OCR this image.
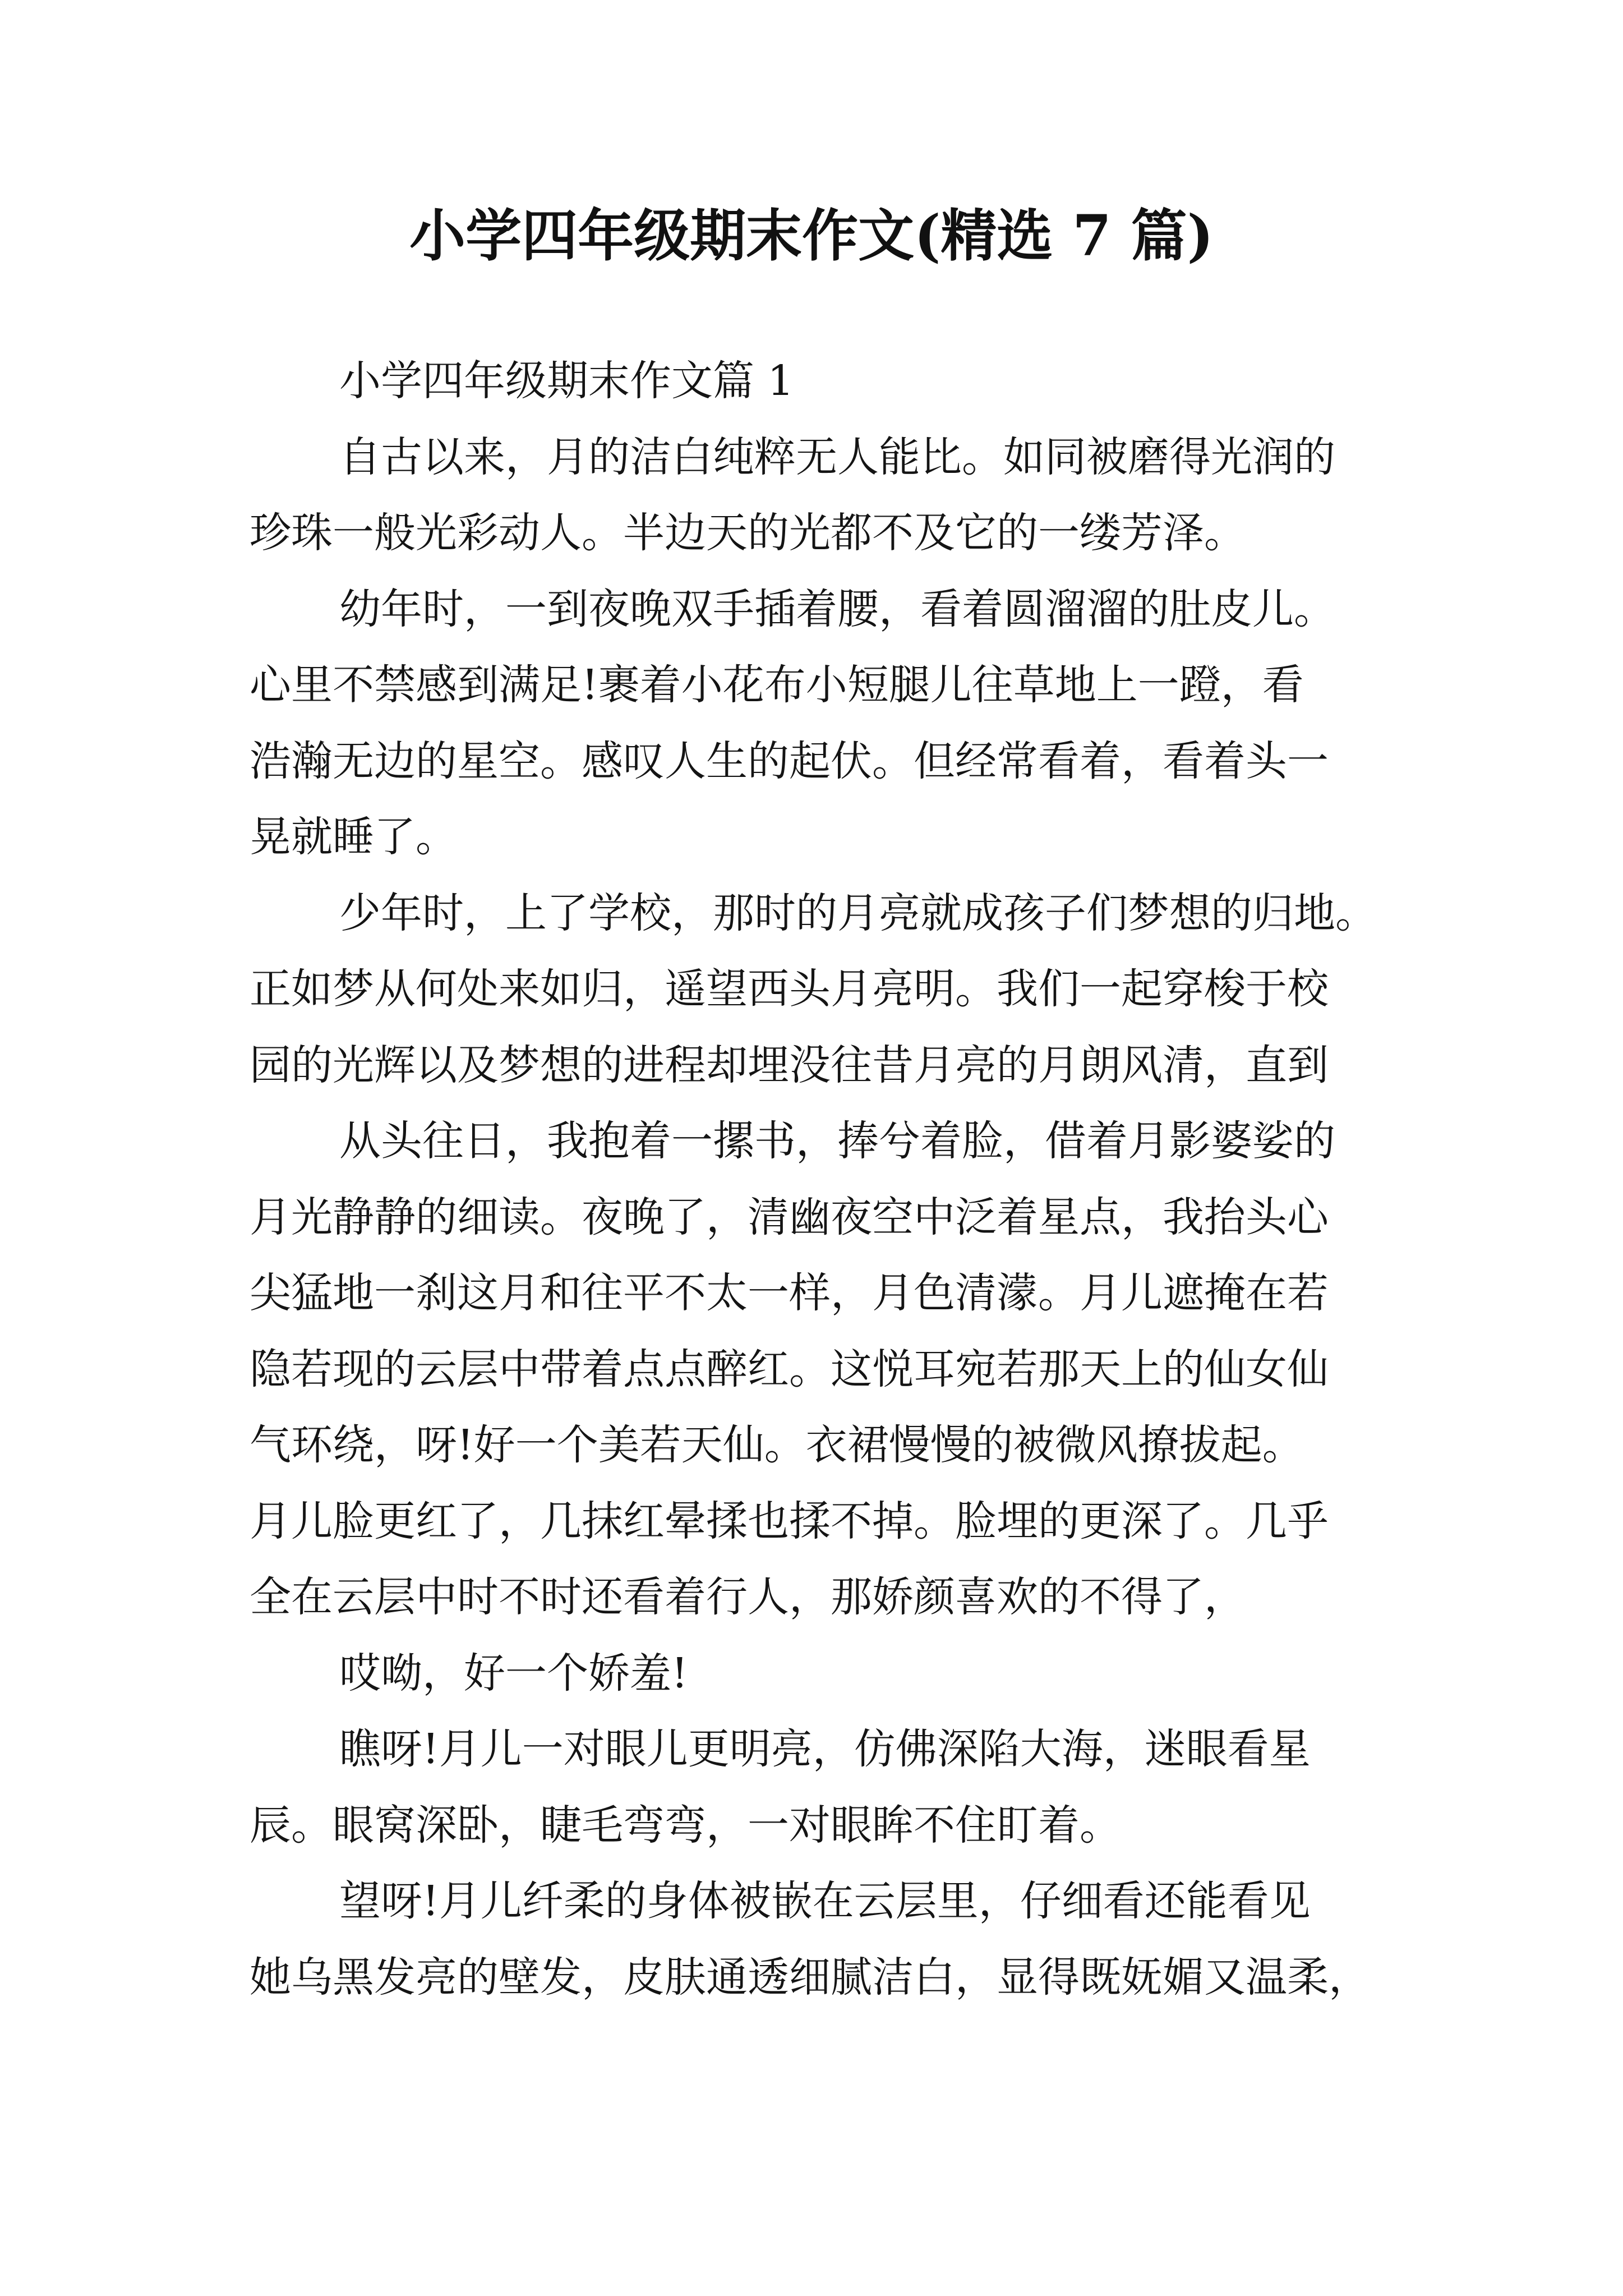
小学四年级期末作文(精选 7 篇)
小学四年级期末作文篇 1
自古以来，月的洁白纯粹无人能比。如同被磨得光润的
珍珠一般光彩动人。半边天的光都不及它的一缕芳泽。
幼年时，一到夜晚双手插着腰，看着圆溜溜的肚皮儿。
心里不禁感到满足!裹着小花布小短腿儿往草地上一蹬，看
浩瀚无边的星空。感叹人生的起伏。但经常看着，看着头一
晃就睡了。
少年时，上了学校，那时的月亮就成孩子们梦想的归地。
正如梦从何处来如归，遥望西头月亮明。我们一起穿梭于校
园的光辉以及梦想的进程却埋没往昔月亮的月朗风清，直到
从头往日，我抱着一摞书，捧兮着脸，借着月影婆娑的
月光静静的细读。夜晚了，清幽夜空中泛着星点，我抬头心
尖猛地一刹这月和往平不太一样，月色清濛。月儿遮掩在若
隐若现的云层中带着点点醉红。这悦耳宛若那天上的仙女仙
气环绕，呀!好一个美若天仙。衣裙慢慢的被微风撩拔起。
月儿脸更红了，几抹红晕揉也揉不掉。脸埋的更深了。几乎
全在云层中时不时还看着行人，那娇颜喜欢的不得了，
哎呦，好一个娇羞!
瞧呀!月儿一对眼儿更明亮，仿佛深陷大海，迷眼看星
辰。眼窝深卧，睫毛弯弯，一对眼眸不住盯着。
望呀!月儿纤柔的身体被嵌在云层里，仔细看还能看见
她乌黑发亮的壁发，皮肤通透细腻洁白，显得既妩媚又温柔，
